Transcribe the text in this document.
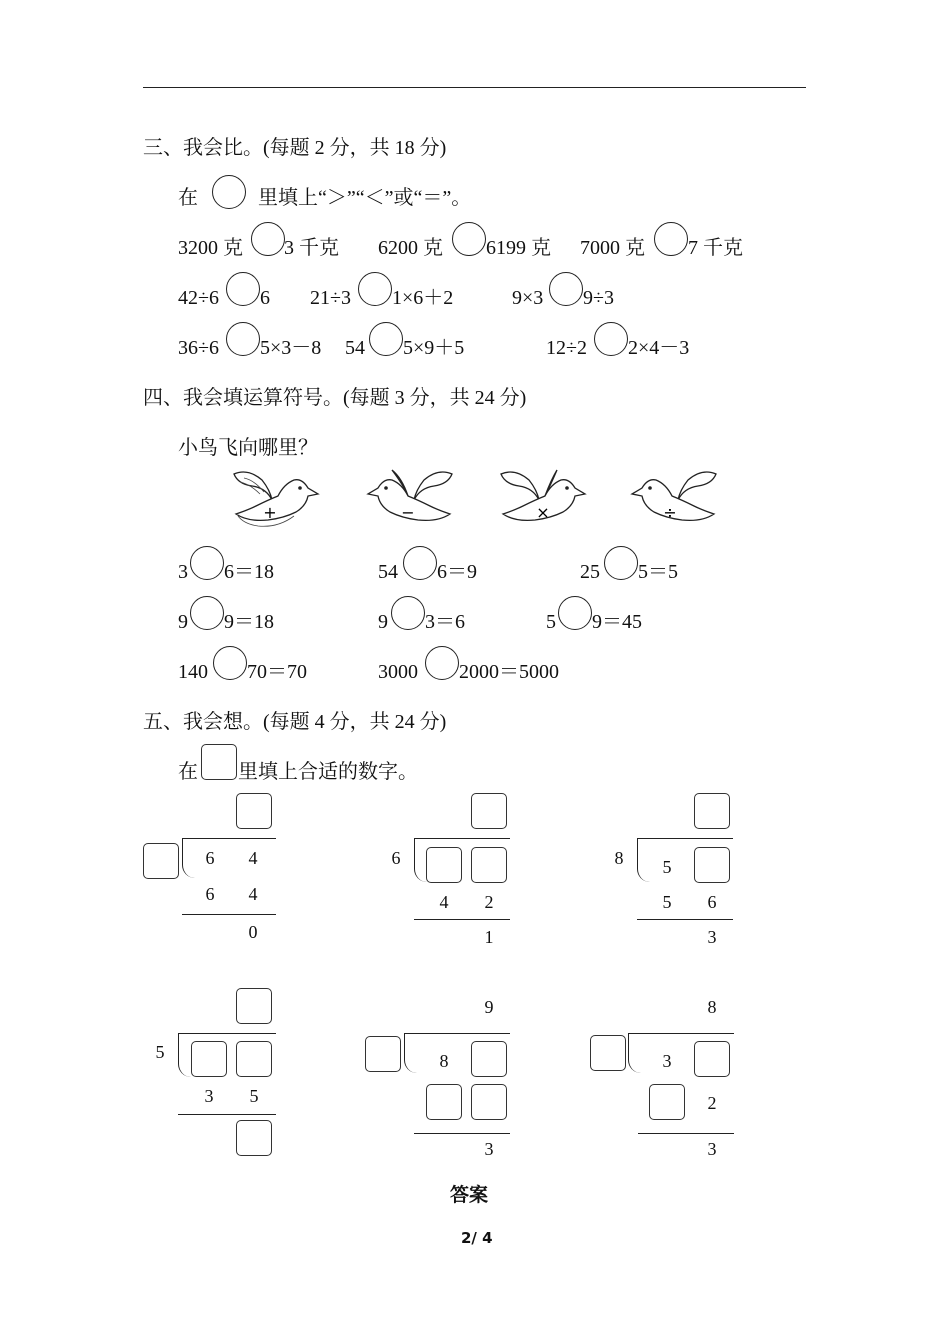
三、我会比。(每题 2 分，共 18 分)
在	里填上“＞”“＜”或“＝”。
3200 克 3 千克 6200 克 6199 克 7000 克 7 千克
42÷6 6 21÷3 1×6＋2	9×3 9÷3
36÷6 5×3－8 54 5×9＋5	12÷2 2×4－3
四、我会填运算符号。(每题 3 分，共 24 分)
小鸟飞向哪里？
+	−	×	÷
3 6＝18	54 6＝9	25 5＝5
9 9＝18	9 3＝6	5 9＝45
140 70＝70	3000 2000＝5000
五、我会想。(每题 4 分，共 24 分)
在 里填上合适的数字。
6	4
6	4
0
6
4	2
1
8	5
5	6
3
5
3	5
9
8
3
8
3
2
3
答案
2/ 4
